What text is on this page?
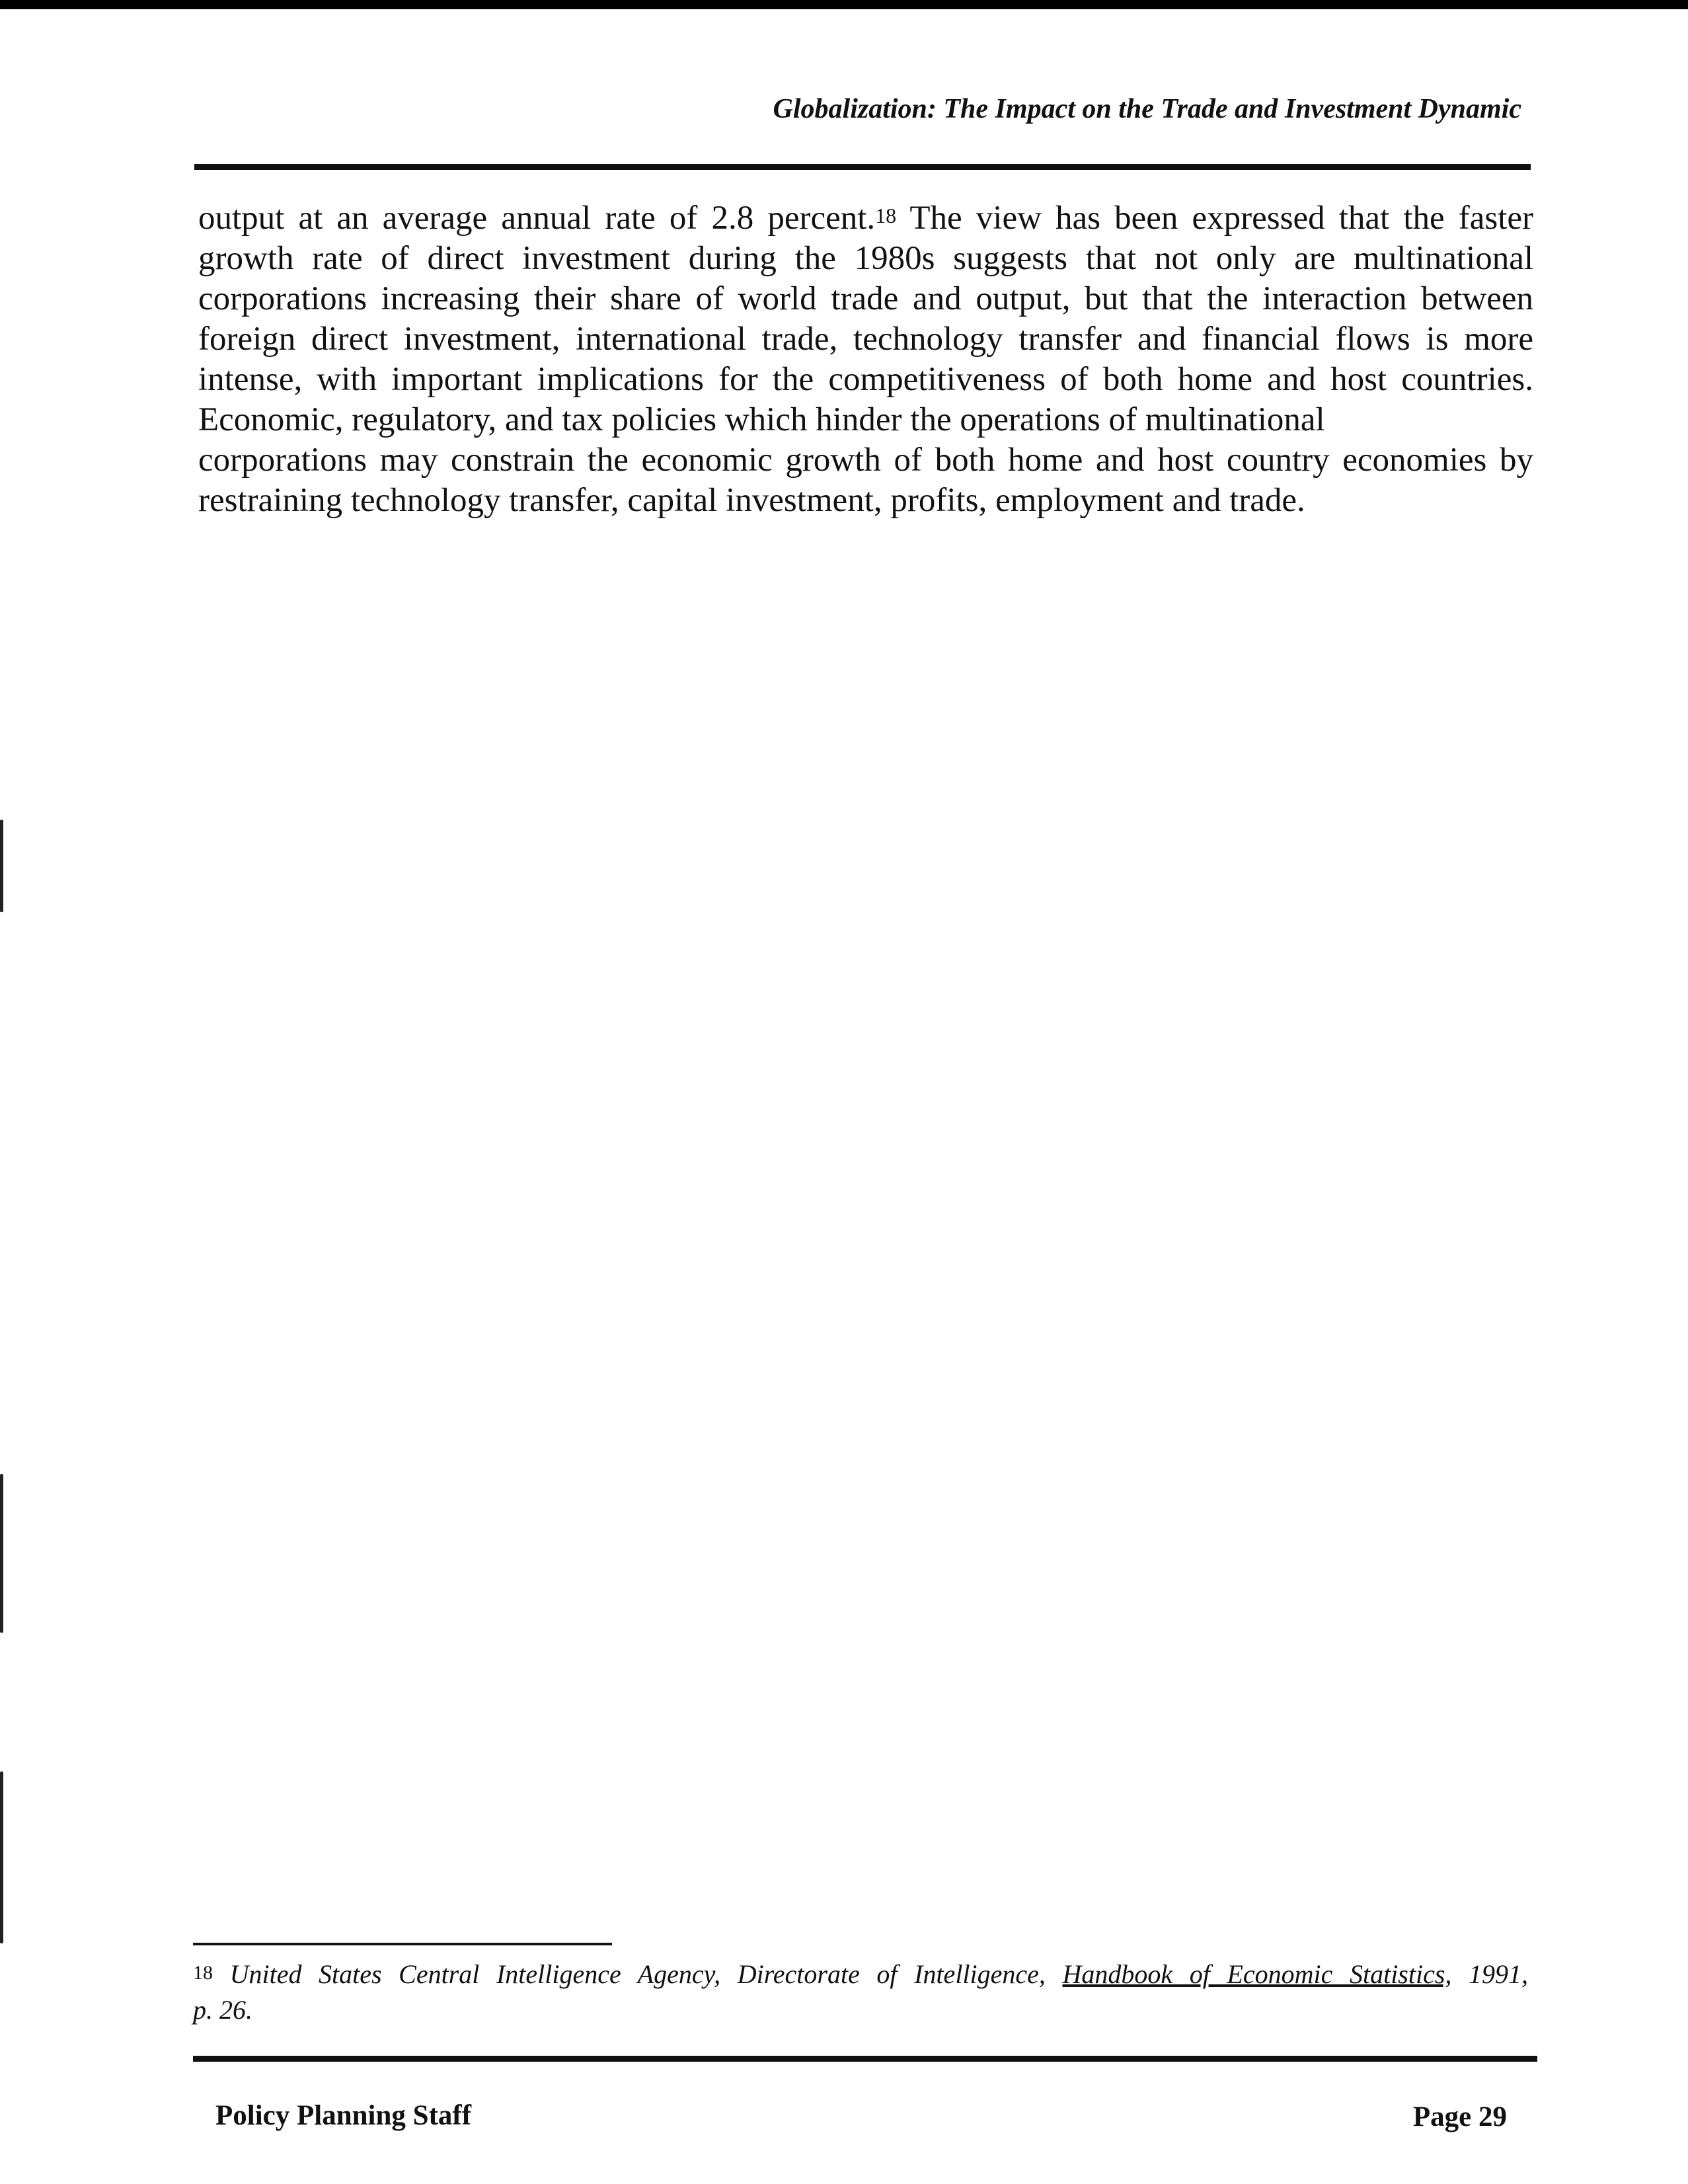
Globalization: The Impact on the Trade and Investment Dynamic

output at an average annual rate of 2.8 percent.$^{18}$ The view has been expressed that the faster
growth rate of direct investment during the 1980s suggests that not only are multinational
corporations increasing their share of world trade and output, but that the interaction between
foreign direct investment, international trade, technology transfer and financial flows is more
intense, with important implications for the competitiveness of both home and host countries.
Economic, regulatory, and tax policies which hinder the operations of multinational
corporations may constrain the economic growth of both home and host country economies by
restraining technology transfer, capital investment, profits, employment and trade.

$^{18}$ United States Central Intelligence Agency, Directorate of Intelligence, Handbook of Economic Statistics, 1991,
p. 26.

Policy Planning Staff	Page 29
